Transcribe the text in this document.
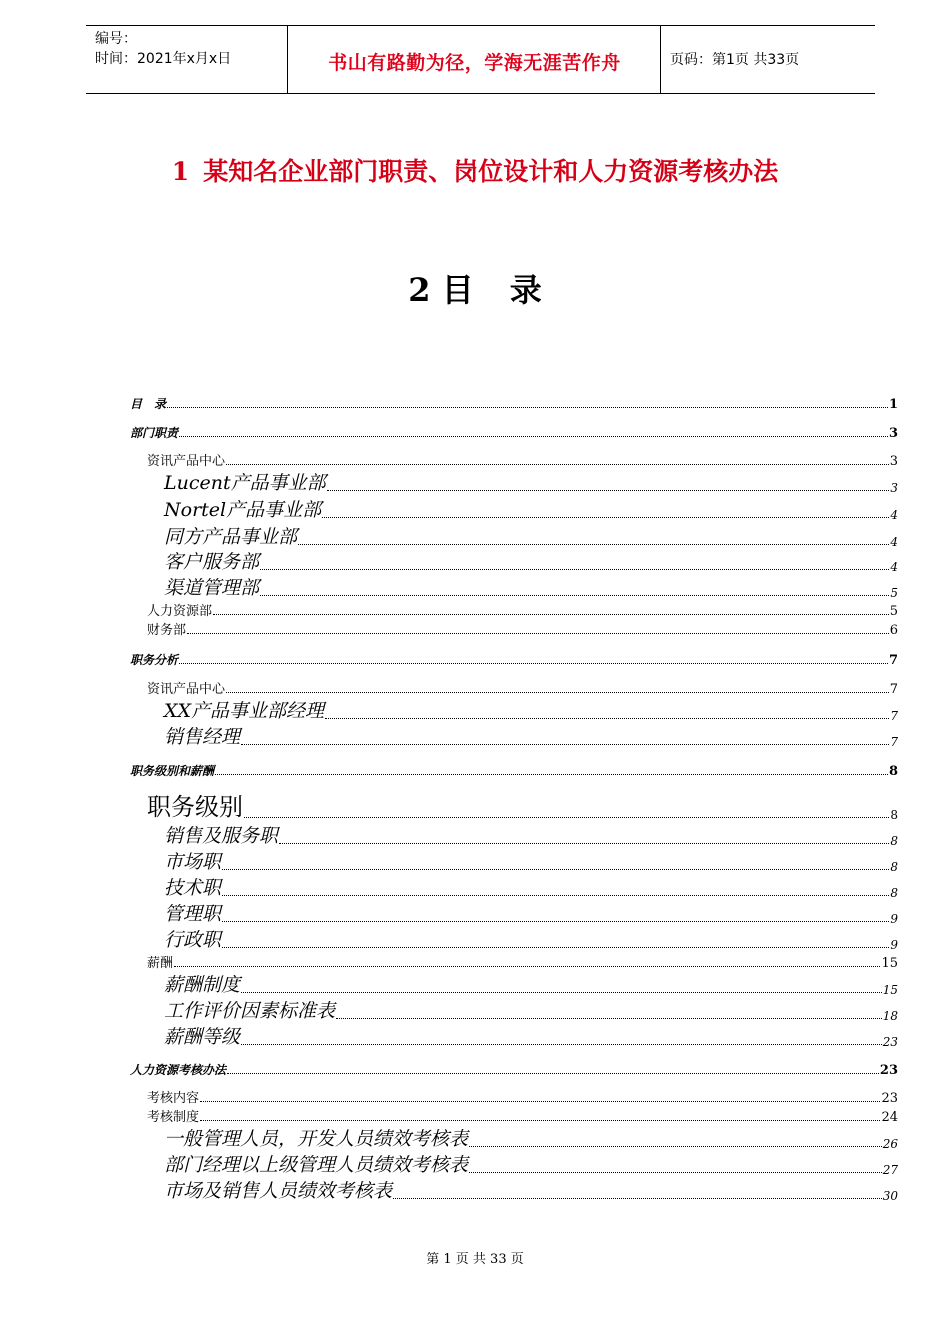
编号：
时间：2021年x月x日	书山有路勤为径，学海无涯苦作舟	页码：第1页 共33页
1 某知名企业部门职责、岗位设计和人力资源考核办法
2 目 录
目　录	1
部门职责	3
资讯产品中心	3
Lucent产品事业部	3
Nortel产品事业部	4
同方产品事业部	4
客户服务部	4
渠道管理部	5
人力资源部	5
财务部	6
职务分析	7
资讯产品中心	7
XX产品事业部经理	7
销售经理	7
职务级别和薪酬	8
职务级别	8
销售及服务职	8
市场职	8
技术职	8
管理职	9
行政职	9
薪酬	15
薪酬制度	15
工作评价因素标准表	18
薪酬等级	23
人力资源考核办法	23
考核内容	23
考核制度	24
一般管理人员，开发人员绩效考核表	26
部门经理以上级管理人员绩效考核表	27
市场及销售人员绩效考核表	30
第 1 页 共 33 页
